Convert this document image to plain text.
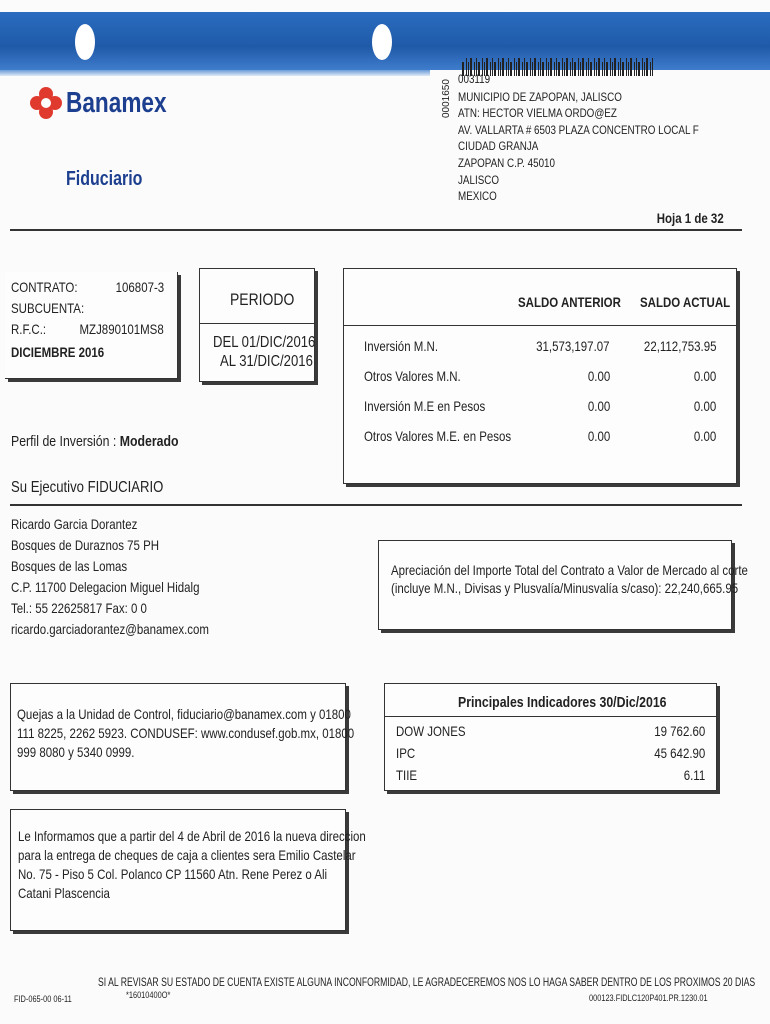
Banamex
Fiduciario
003119
0001650 MUNICIPIO DE ZAPOPAN, JALISCO
ATN: HECTOR VIELMA ORDO@EZ
AV. VALLARTA # 6503 PLAZA CONCENTRO LOCAL F
CIUDAD GRANJA
ZAPOPAN C.P. 45010
JALISCO
MEXICO
Hoja 1 de 32
CONTRATO:	106807-3
SUBCUENTA:
R.F.C.: MZJ890101MS8
DICIEMBRE 2016
PERIODO
DEL 01/DIC/2016
AL 31/DIC/2016
SALDO ANTERIOR SALDO ACTUAL
Inversión M.N.	31,573,197.07 22,112,753.95
Otros Valores M.N.	0.00	0.00
Inversión M.E en Pesos	0.00	0.00
Otros Valores M.E. en Pesos	0.00	0.00
Perfil de Inversión : Moderado
Su Ejecutivo FIDUCIARIO
Ricardo Garcia Dorantez
Bosques de Duraznos 75 PH
Bosques de las Lomas
C.P. 11700 Delegacion Miguel Hidalg
Tel.: 55 22625817 Fax: 0 0
ricardo.garciadorantez@banamex.com
Apreciación del Importe Total del Contrato a Valor de Mercado al corte
(incluye M.N., Divisas y Plusvalía/Minusvalía s/caso): 22,240,665.95
Quejas a la Unidad de Control, fiduciario@banamex.com y 01800
111 8225, 2262 5923. CONDUSEF: www.condusef.gob.mx, 01800
999 8080 y 5340 0999.
Principales Indicadores 30/Dic/2016
DOW JONES	19 762.60
IPC	45 642.90
TIIE	6.11
Le Informamos que a partir del 4 de Abril de 2016 la nueva direccion
para la entrega de cheques de caja a clientes sera Emilio Castelar
No. 75 - Piso 5 Col. Polanco CP 11560 Atn. Rene Perez o Ali
Catani Plascencia
SI AL REVISAR SU ESTADO DE CUENTA EXISTE ALGUNA INCONFORMIDAD, LE AGRADECEREMOS NOS LO HAGA SABER DENTRO DE LOS PROXIMOS 20 DIAS
FID-065-00 06-11	*16010400O*	000123.FIDLC120P401.PR.1230.01
